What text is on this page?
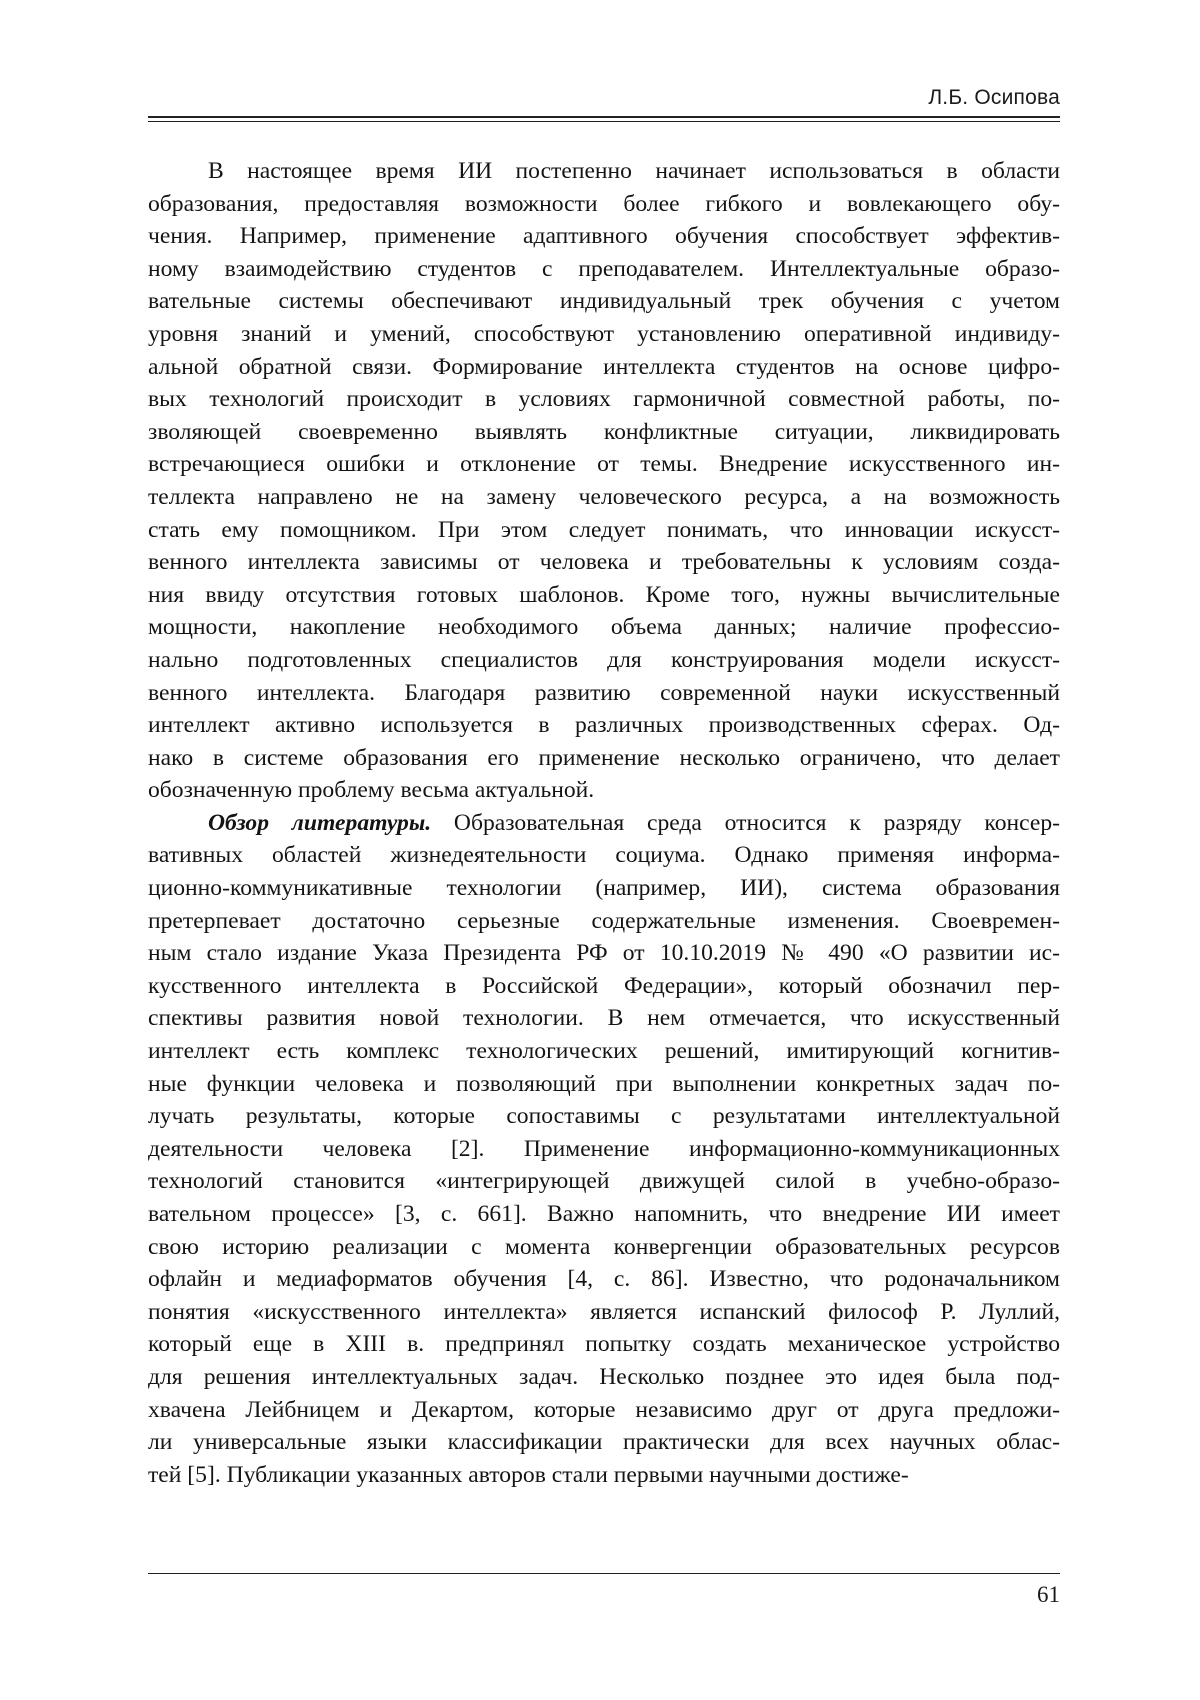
Л.Б. Осипова
В настоящее время ИИ постепенно начинает использоваться в области
образования, предоставляя возможности более гибкого и вовлекающего обу-
чения. Например, применение адаптивного обучения способствует эффектив-
ному взаимодействию студентов с преподавателем. Интеллектуальные образо-
вательные системы обеспечивают индивидуальный трек обучения с учетом
уровня знаний и умений, способствуют установлению оперативной индивиду-
альной обратной связи. Формирование интеллекта студентов на основе цифро-
вых технологий происходит в условиях гармоничной совместной работы, по-
зволяющей своевременно выявлять конфликтные ситуации, ликвидировать
встречающиеся ошибки и отклонение от темы. Внедрение искусственного ин-
теллекта направлено не на замену человеческого ресурса, а на возможность
стать ему помощником. При этом следует понимать, что инновации искусст-
венного интеллекта зависимы от человека и требовательны к условиям созда-
ния ввиду отсутствия готовых шаблонов. Кроме того, нужны вычислительные
мощности, накопление необходимого объема данных; наличие профессио-
нально подготовленных специалистов для конструирования модели искусст-
венного интеллекта. Благодаря развитию современной науки искусственный
интеллект активно используется в различных производственных сферах. Од-
нако в системе образования его применение несколько ограничено, что делает
обозначенную проблему весьма актуальной.
Обзор литературы. Образовательная среда относится к разряду консер-
вативных областей жизнедеятельности социума. Однако применяя информа-
ционно-коммуникативные технологии (например, ИИ), система образования
претерпевает достаточно серьезные содержательные изменения. Своевремен-
ным стало издание Указа Президента РФ от 10.10.2019 № 490 «О развитии ис-
кусственного интеллекта в Российской Федерации», который обозначил пер-
спективы развития новой технологии. В нем отмечается, что искусственный
интеллект есть комплекс технологических решений, имитирующий когнитив-
ные функции человека и позволяющий при выполнении конкретных задач по-
лучать результаты, которые сопоставимы с результатами интеллектуальной
деятельности человека [2]. Применение информационно-коммуникационных
технологий становится «интегрирующей движущей силой в учебно-образо-
вательном процессе» [3, с. 661]. Важно напомнить, что внедрение ИИ имеет
свою историю реализации с момента конвергенции образовательных ресурсов
офлайн и медиаформатов обучения [4, с. 86]. Известно, что родоначальником
понятия «искусственного интеллекта» является испанский философ Р. Луллий,
который еще в XIII в. предпринял попытку создать механическое устройство
для решения интеллектуальных задач. Несколько позднее это идея была под-
хвачена Лейбницем и Декартом, которые независимо друг от друга предложи-
ли универсальные языки классификации практически для всех научных облас-
тей [5]. Публикации указанных авторов стали первыми научными достиже-
61
